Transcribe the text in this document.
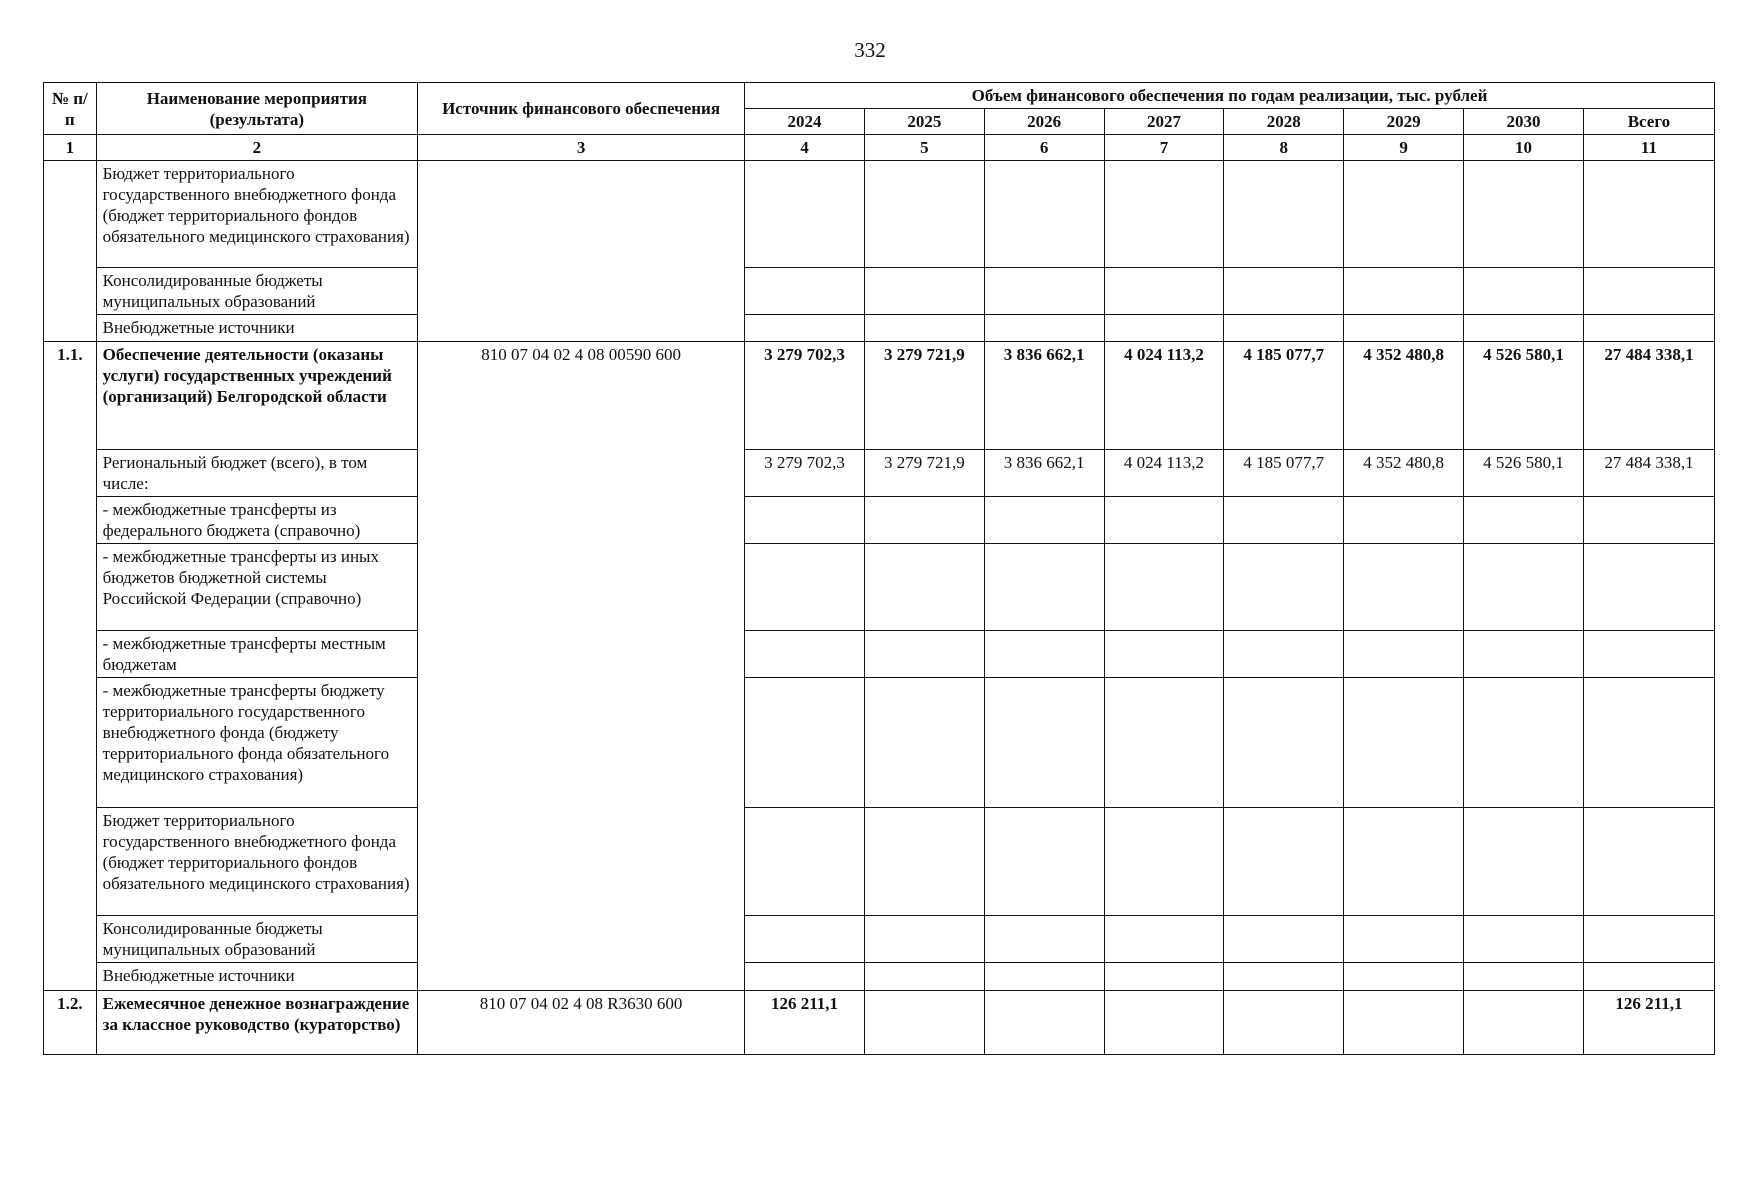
332
№ п/п	Наименование мероприятия (результата)	Источник финансового обеспечения	Объем финансового обеспечения по годам реализации, тыс. рублей							
			2024	2025	2026	2027	2028	2029	2030	Всего
1	2	3	4	5	6	7	8	9	10	11
	Бюджет территориального государственного внебюджетного фонда (бюджет территориального фондов обязательного медицинского страхования)									
	Консолидированные бюджеты муниципальных образований									
	Внебюджетные источники									
1.1.	Обеспечение деятельности (оказаны услуги) государственных учреждений (организаций) Белгородской области	810 07 04 02 4 08 00590 600	3 279 702,3	3 279 721,9	3 836 662,1	4 024 113,2	4 185 077,7	4 352 480,8	4 526 580,1	27 484 338,1
	Региональный бюджет (всего), в том числе:		3 279 702,3	3 279 721,9	3 836 662,1	4 024 113,2	4 185 077,7	4 352 480,8	4 526 580,1	27 484 338,1
	- межбюджетные трансферты из федерального бюджета (справочно)									
	- межбюджетные трансферты из иных бюджетов бюджетной системы Российской Федерации (справочно)									
	- межбюджетные трансферты местным бюджетам									
	- межбюджетные трансферты бюджету территориального государственного внебюджетного фонда (бюджету территориального фонда обязательного медицинского страхования)									
	Бюджет территориального государственного внебюджетного фонда (бюджет территориального фондов обязательного медицинского страхования)									
	Консолидированные бюджеты муниципальных образований									
	Внебюджетные источники									
1.2.	Ежемесячное денежное вознаграждение за классное руководство (кураторство)	810 07 04 02 4 08 R3630 600	126 211,1							126 211,1
